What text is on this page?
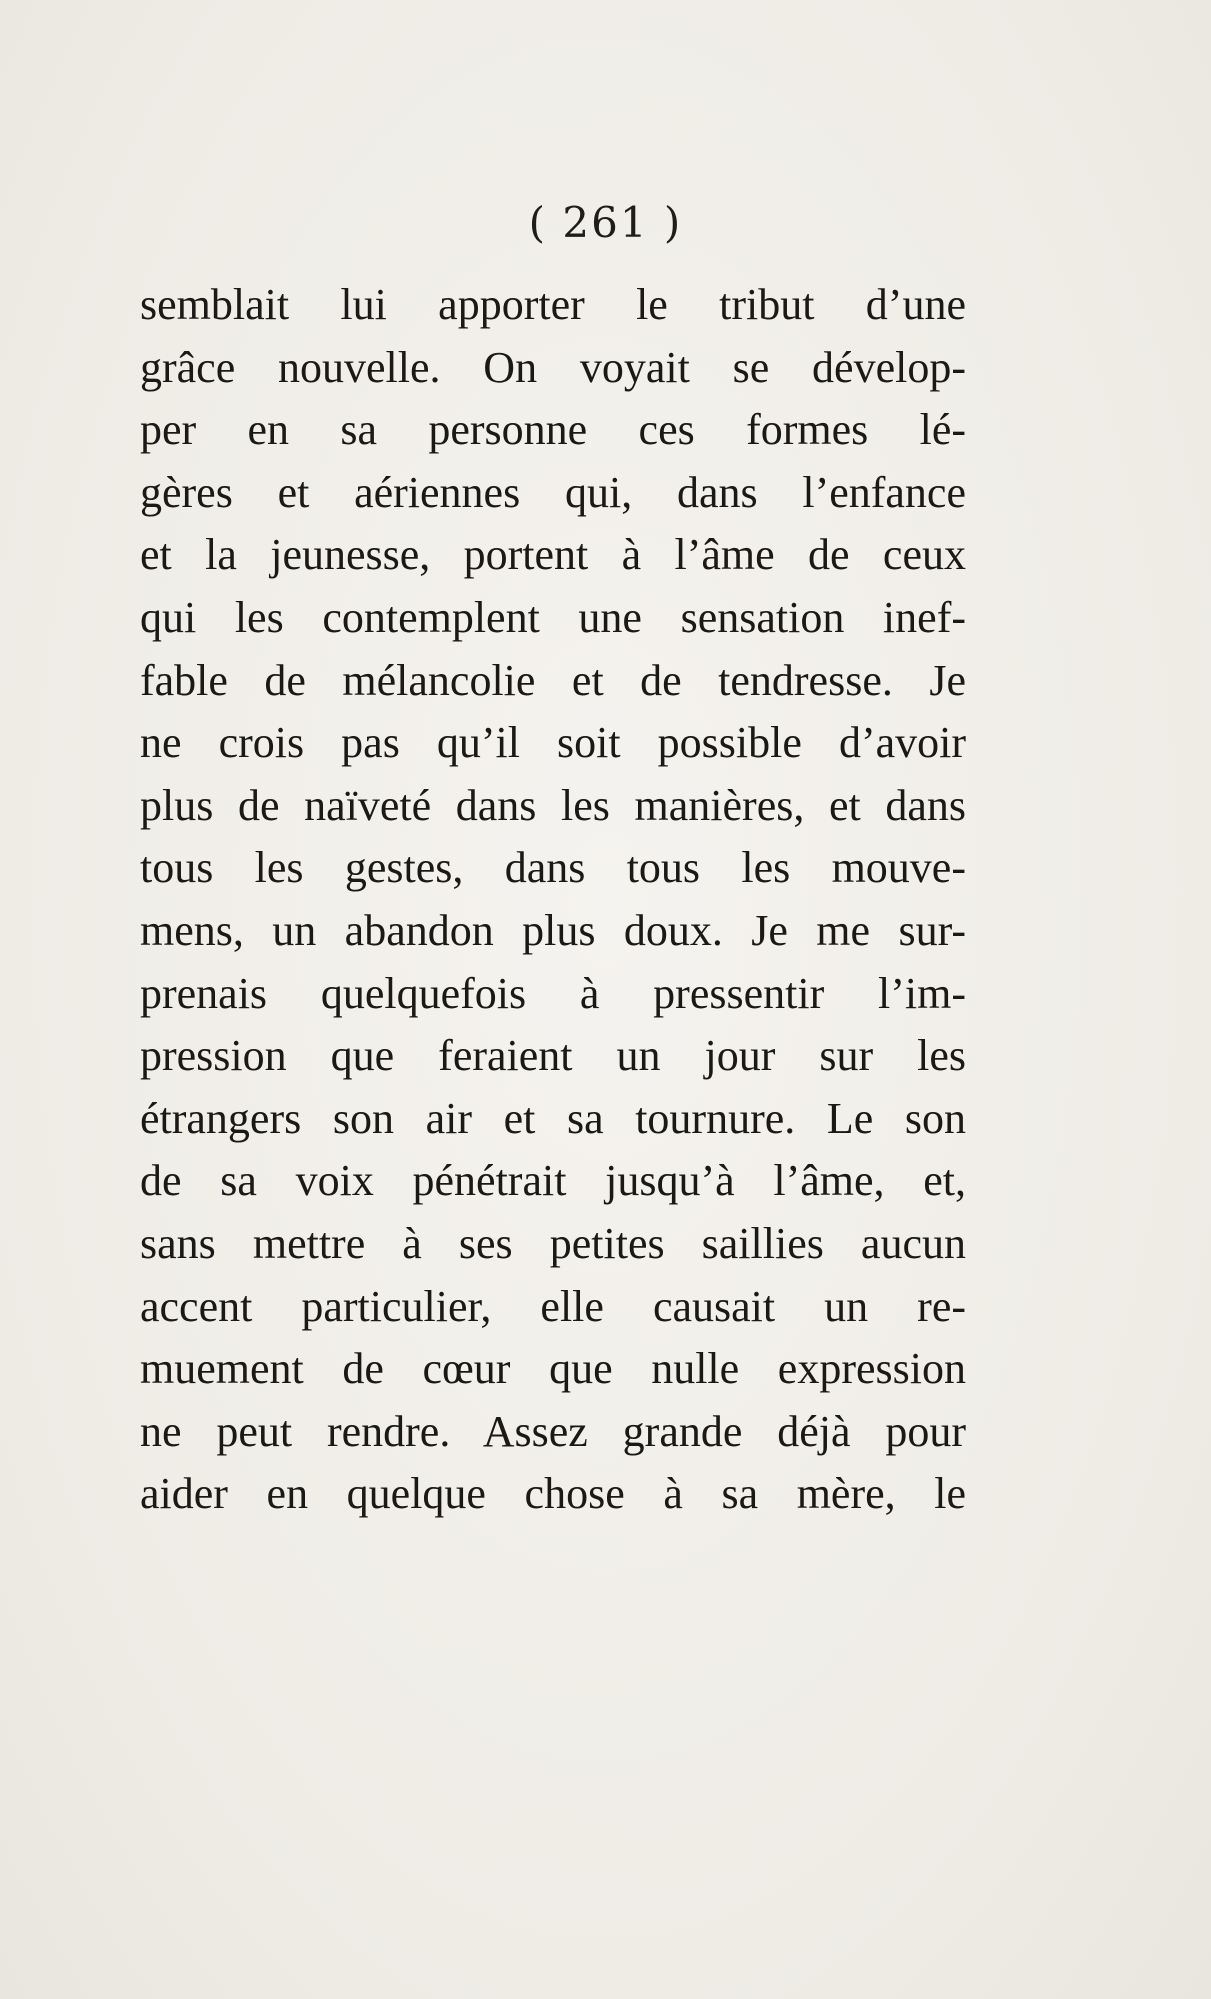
( 261 )
semblait lui apporter le tribut d’une
grâce nouvelle. On voyait se dévelop-
per en sa personne ces formes lé-
gères et aériennes qui, dans l’enfance
et la jeunesse, portent à l’âme de ceux
qui les contemplent une sensation inef-
fable de mélancolie et de tendresse. Je
ne crois pas qu’il soit possible d’avoir
plus de naïveté dans les manières, et dans
tous les gestes, dans tous les mouve-
mens, un abandon plus doux. Je me sur-
prenais quelquefois à pressentir l’im-
pression que feraient un jour sur les
étrangers son air et sa tournure. Le son
de sa voix pénétrait jusqu’à l’âme, et,
sans mettre à ses petites saillies aucun
accent particulier, elle causait un re-
muement de cœur que nulle expression
ne peut rendre. Assez grande déjà pour
aider en quelque chose à sa mère, le
